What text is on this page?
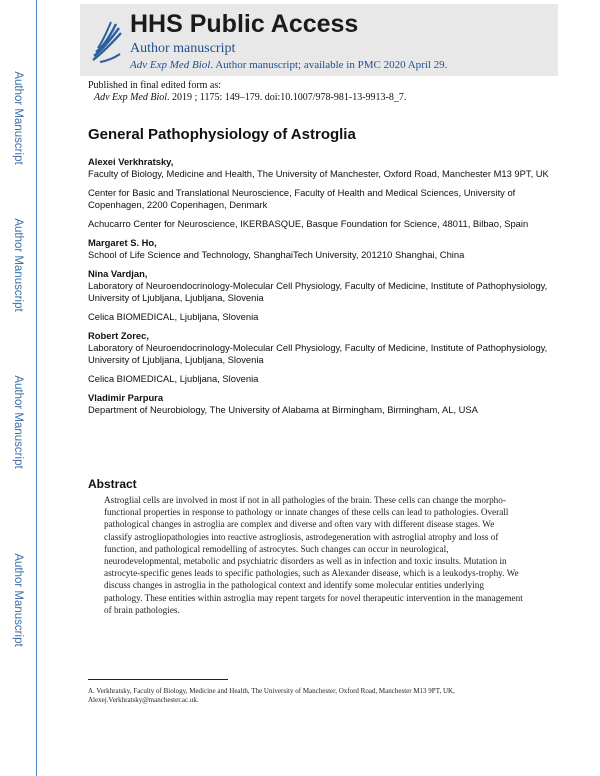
Author Manuscript
Author Manuscript
Author Manuscript
Author Manuscript
HHS Public Access
Author manuscript
Adv Exp Med Biol. Author manuscript; available in PMC 2020 April 29.
Published in final edited form as:
Adv Exp Med Biol. 2019 ; 1175: 149–179. doi:10.1007/978-981-13-9913-8_7.
General Pathophysiology of Astroglia
Alexei Verkhratsky,
Faculty of Biology, Medicine and Health, The University of Manchester, Oxford Road, Manchester M13 9PT, UK
Center for Basic and Translational Neuroscience, Faculty of Health and Medical Sciences, University of Copenhagen, 2200 Copenhagen, Denmark
Achucarro Center for Neuroscience, IKERBASQUE, Basque Foundation for Science, 48011, Bilbao, Spain
Margaret S. Ho,
School of Life Science and Technology, ShanghaiTech University, 201210 Shanghai, China
Nina Vardjan,
Laboratory of Neuroendocrinology-Molecular Cell Physiology, Faculty of Medicine, Institute of Pathophysiology, University of Ljubljana, Ljubljana, Slovenia
Celica BIOMEDICAL, Ljubljana, Slovenia
Robert Zorec,
Laboratory of Neuroendocrinology-Molecular Cell Physiology, Faculty of Medicine, Institute of Pathophysiology, University of Ljubljana, Ljubljana, Slovenia
Celica BIOMEDICAL, Ljubljana, Slovenia
Vladimir Parpura
Department of Neurobiology, The University of Alabama at Birmingham, Birmingham, AL, USA
Abstract
Astroglial cells are involved in most if not in all pathologies of the brain. These cells can change the morpho-functional properties in response to pathology or innate changes of these cells can lead to pathologies. Overall pathological changes in astroglia are complex and diverse and often vary with different disease stages. We classify astrogliopathologies into reactive astrogliosis, astrodegeneration with astroglial atrophy and loss of function, and pathological remodelling of astrocytes. Such changes can occur in neurological, neurodevelopmental, metabolic and psychiatric disorders as well as in infection and toxic insults. Mutation in astrocyte-specific genes leads to specific pathologies, such as Alexander disease, which is a leukodys-trophy. We discuss changes in astroglia in the pathological context and identify some molecular entities underlying pathology. These entities within astroglia may repent targets for novel therapeutic intervention in the management of brain pathologies.
A. Verkhratsky, Faculty of Biology, Medicine and Health, The University of Manchester, Oxford Road, Manchester M13 9PT, UK, Alexej.Verkhratsky@manchester.ac.uk.
